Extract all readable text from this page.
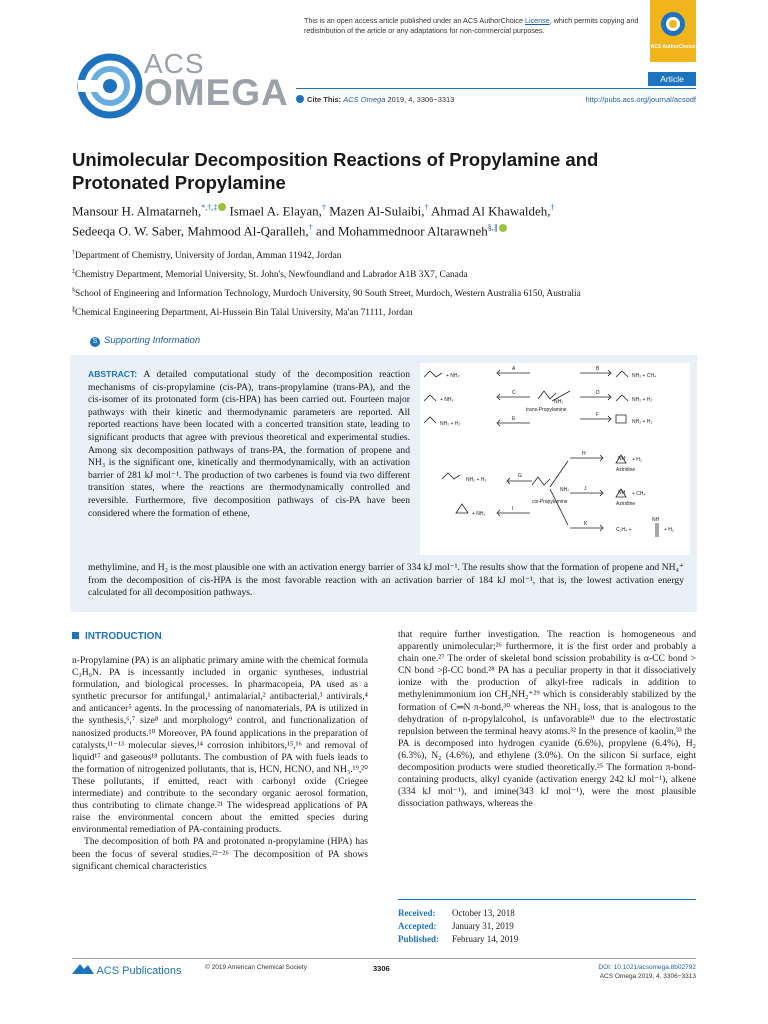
This is an open access article published under an ACS AuthorChoice License, which permits copying and redistribution of the article or any adaptations for non-commercial purposes.
ACS AuthorChoice
ACS
OMEGA	Article
Cite This: ACS Omega 2019, 4, 3306−3313	http://pubs.acs.org/journal/acsodf
Unimolecular Decomposition Reactions of Propylamine and Protonated Propylamine
Mansour H. Almatarneh,*,†,‡ Ismael A. Elayan,† Mazen Al-Sulaibi,† Ahmad Al Khawaldeh,†
Sedeeqa O. W. Saber, Mahmood Al-Qaralleh,† and Mohammednoor Altarawneh§,∥

†Department of Chemistry, University of Jordan, Amman 11942, Jordan

‡Chemistry Department, Memorial University, St. John's, Newfoundland and Labrador A1B 3X7, Canada

§School of Engineering and Information Technology, Murdoch University, 90 South Street, Murdoch, Western Australia 6150, Australia

∥Chemical Engineering Department, Al-Hussein Bin Talal University, Ma'an 71111, Jordan

S Supporting Information
ABSTRACT: A detailed computational study of the decomposition reaction mechanisms of cis-propylamine (cis-PA), trans-propylamine (trans-PA), and the cis-isomer of its protonated form (cis-HPA) has been carried out. Fourteen major pathways with their kinetic and thermodynamic parameters are reported. All reported reactions have been located with a concerted transition state, leading to significant products that agree with previous theoretical and experimental studies. Among six decomposition pathways of trans-PA, the formation of propene and NH₃ is the significant one, kinetically and thermodynamically, with an activation barrier of 281 kJ mol⁻¹. The production of two carbenes is found via two different transition states, where the reactions are thermodynamically controlled and reversible. Furthermore, five decomposition pathways of cis-PA have been considered where the formation of ethene,
methylimine, and H₂ is the most plausible one with an activation energy barrier of 334 kJ mol⁻¹. The results show that the formation of propene and NH₄⁺ from the decomposition of cis-HPA is the most favorable reaction with an activation barrier of 184 kJ mol⁻¹, that is, the lowest activation energy calculated for all decomposition pathways.
+ NH₃
+ NH₃
NH₂ + H₂
NH₂ + CH₄
NH₂ + H₂
NH₂ + H₂
+ H₂
NH₂ + H₂
+ CH₄
+ NH₃
C₂H₄ +	+ H₂
A	B
C	D
E
F
H
G
J
I
K
NH₂
trans-Propylamine
NH₂
cis-Propylamine
Aziridine
Aziridine
NH
NH
NH
INTRODUCTION

n-Propylamine (PA) is an aliphatic primary amine with the chemical formula C₃H₉N. PA is incessantly included in organic syntheses, industrial formulation, and biological processes. In pharmacopeia, PA used as a synthetic precursor for antifungal,¹ antimalarial,² antibacterial,³ antivirals,⁴ and anticancer⁵ agents. In the processing of nanomaterials, PA is utilized in the synthesis,⁶,⁷ size⁸ and morphology⁹ control, and functionalization of nanosized products.¹⁰ Moreover, PA found applications in the preparation of catalysts,¹¹⁻¹³ molecular sieves,¹⁴ corrosion inhibitors,¹⁵,¹⁶ and removal of liquid¹⁷ and gaseous¹⁸ pollutants. The combustion of PA with fuels leads to the formation of nitrogenized pollutants, that is, HCN, HCNO, and NH₃.¹⁹,²⁰ These pollutants, if emitted, react with carbonyl oxide (Criegee intermediate) and contribute to the secondary organic aerosol formation, thus contributing to climate change.²¹ The widespread applications of PA raise the environmental concern about the emitted species during environmental remediation of PA-containing products.

The decomposition of both PA and protonated n-propylamine (HPA) has been the focus of several studies.²²⁻²⁶ The decomposition of PA shows significant chemical characteristics

that require further investigation. The reaction is homogeneous and apparently unimolecular;²⁶ furthermore, it is the first order and probably a chain one.²⁷ The order of skeletal bond scission probability is α-CC bond > CN bond >β-CC bond.²⁸ PA has a peculiar property in that it dissociatively ionize with the production of alkyl-free radicals in addition to methylenimmonium ion CH₂NH₂⁺²⁹ which is considerably stabilized by the formation of C═N π-bond,³⁰ whereas the NH₃ loss, that is analogous to the dehydration of n-propylalcohol, is unfavorable³¹ due to the electrostatic repulsion between the terminal heavy atoms.³² In the presence of kaolin,³³ the PA is decomposed into hydrogen cyanide (6.6%), propylene (6.4%), H₂ (6.3%), N₂ (4.6%), and ethylene (3.0%). On the silicon Si surface, eight decomposition products were studied theoretically.²⁵ The formation π-bond-containing products, alkyl cyanide (activation energy 242 kJ mol⁻¹), alkene (334 kJ mol⁻¹), and imine(343 kJ mol⁻¹), were the most plausible dissociation pathways, whereas the

Received: October 13, 2018
Accepted: January 31, 2019
Published: February 14, 2019
ACS Publications	© 2019 American Chemical Society	3306	DOI: 10.1021/acsomega.8b02792
ACS Omega 2019, 4, 3306−3313
